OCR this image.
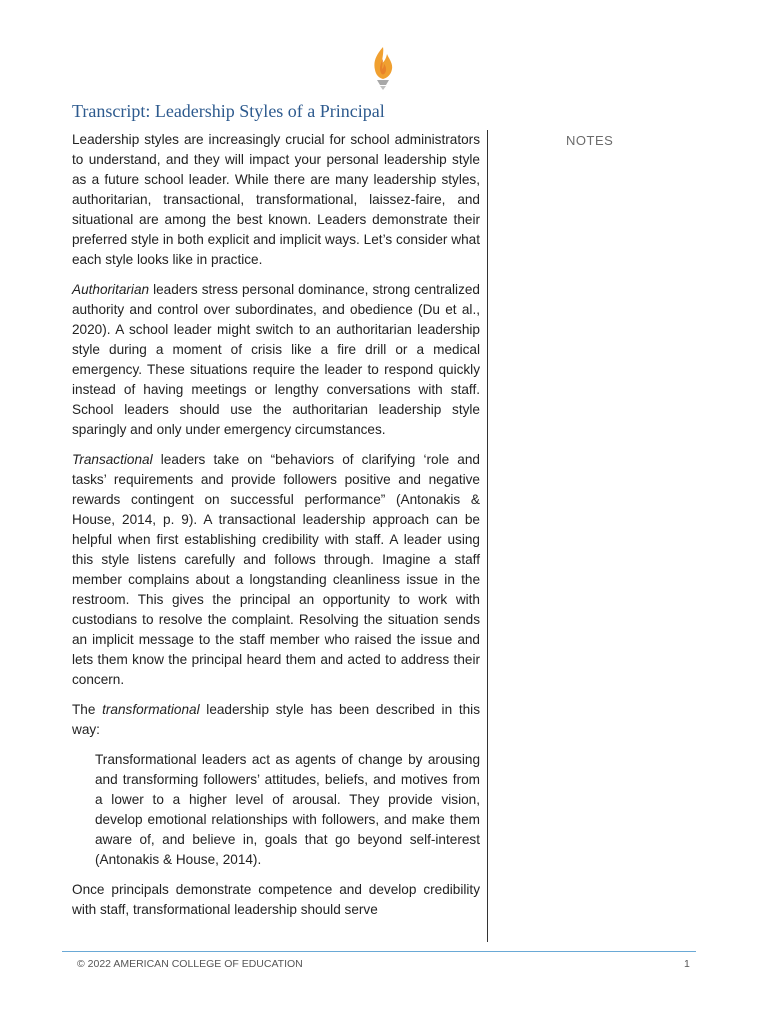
Transcript: Leadership Styles of a Principal

Leadership styles are increasingly crucial for school administrators to understand, and they will impact your personal leadership style as a future school leader. While there are many leadership styles, authoritarian, transactional, transformational, laissez-faire, and situational are among the best known. Leaders demonstrate their preferred style in both explicit and implicit ways. Let’s consider what each style looks like in practice.

Authoritarian leaders stress personal dominance, strong centralized authority and control over subordinates, and obedience (Du et al., 2020). A school leader might switch to an authoritarian leadership style during a moment of crisis like a fire drill or a medical emergency. These situations require the leader to respond quickly instead of having meetings or lengthy conversations with staff. School leaders should use the authoritarian leadership style sparingly and only under emergency circumstances.

Transactional leaders take on “behaviors of clarifying ‘role and tasks’ requirements and provide followers positive and negative rewards contingent on successful performance” (Antonakis & House, 2014, p. 9). A transactional leadership approach can be helpful when first establishing credibility with staff. A leader using this style listens carefully and follows through. Imagine a staff member complains about a longstanding cleanliness issue in the restroom. This gives the principal an opportunity to work with custodians to resolve the complaint. Resolving the situation sends an implicit message to the staff member who raised the issue and lets them know the principal heard them and acted to address their concern.

The transformational leadership style has been described in this way:

Transformational leaders act as agents of change by arousing and transforming followers’ attitudes, beliefs, and motives from a lower to a higher level of arousal. They provide vision, develop emotional relationships with followers, and make them aware of, and believe in, goals that go beyond self-interest (Antonakis & House, 2014).

Once principals demonstrate competence and develop credibility with staff, transformational leadership should serve

NOTES
© 2022 AMERICAN COLLEGE OF EDUCATION	1
